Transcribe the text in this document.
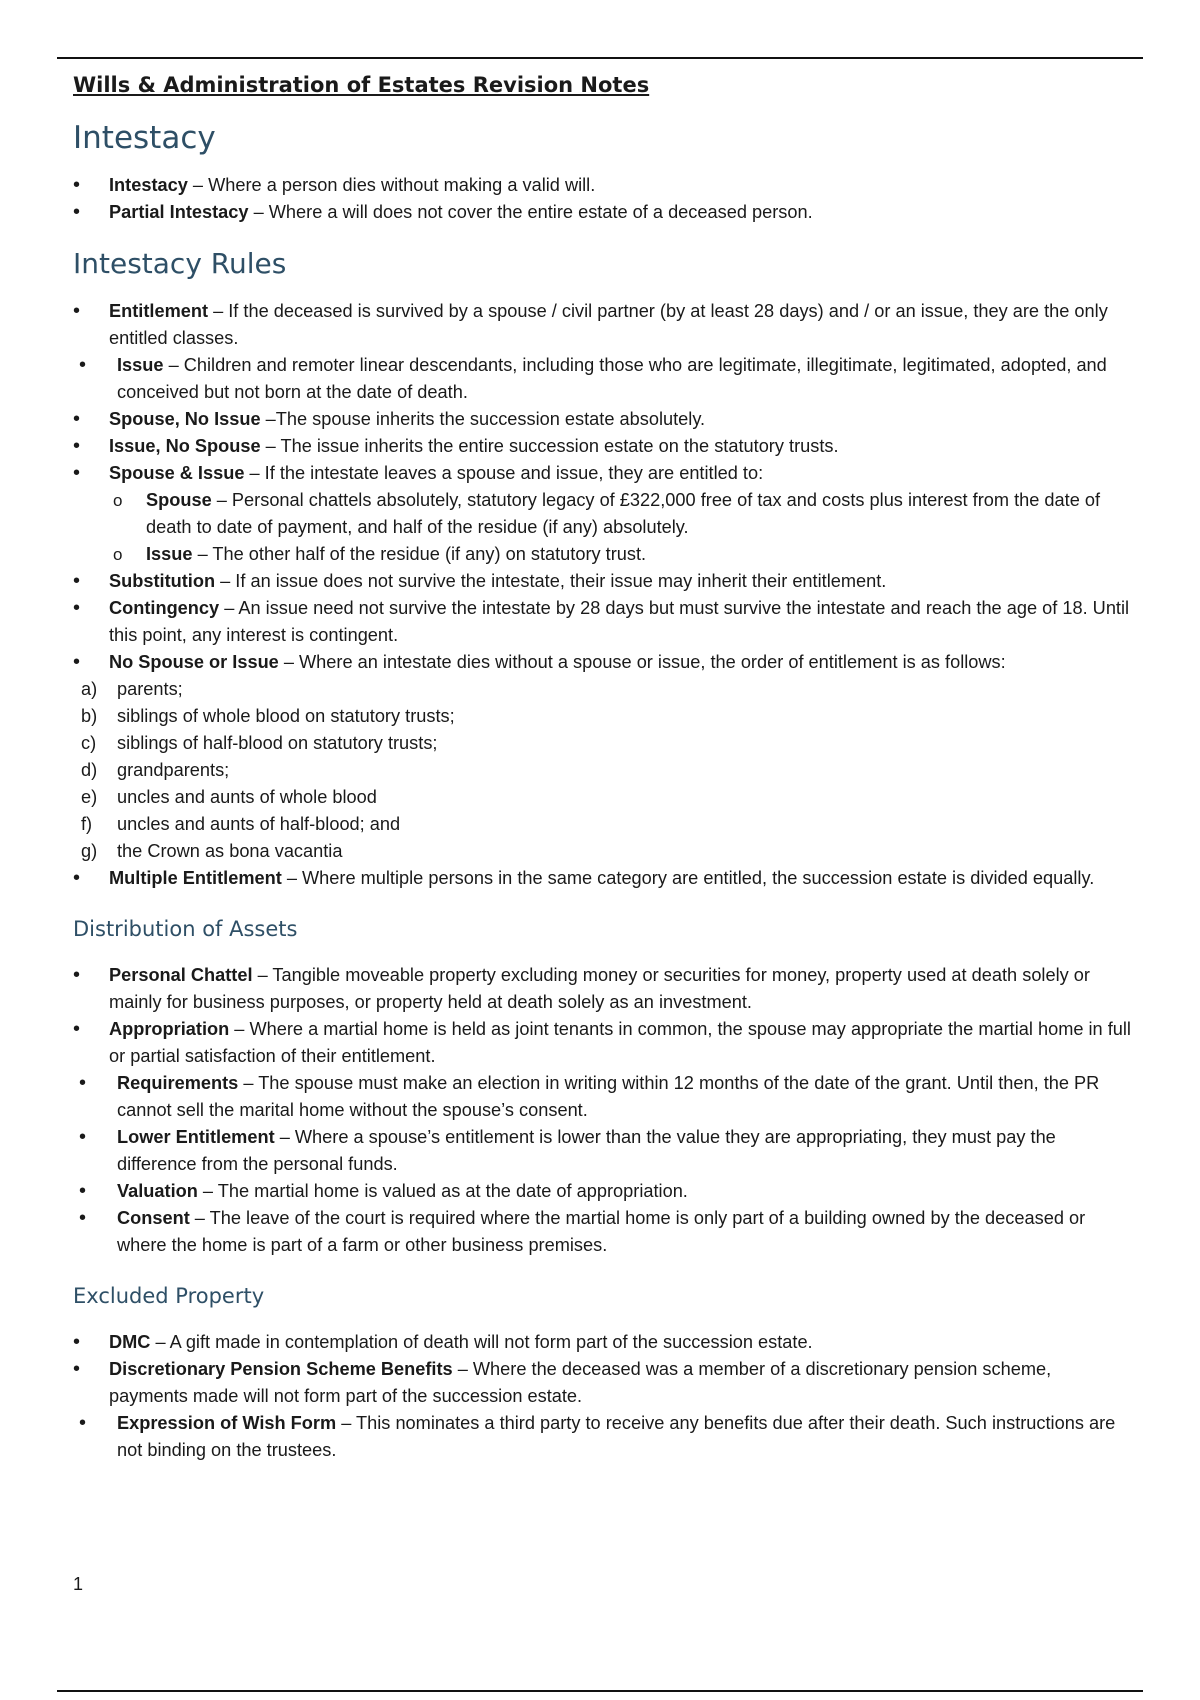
Wills & Administration of Estates Revision Notes

Intestacy
• Intestacy – Where a person dies without making a valid will.
• Partial Intestacy – Where a will does not cover the entire estate of a deceased person.
Intestacy Rules
• Entitlement – If the deceased is survived by a spouse / civil partner (by at least 28 days) and / or an issue, they are the only entitled classes.
• Issue – Children and remoter linear descendants, including those who are legitimate, illegitimate, legitimated, adopted, and conceived but not born at the date of death.
• Spouse, No Issue –The spouse inherits the succession estate absolutely.
• Issue, No Spouse – The issue inherits the entire succession estate on the statutory trusts.
• Spouse & Issue – If the intestate leaves a spouse and issue, they are entitled to:
o Spouse – Personal chattels absolutely, statutory legacy of £322,000 free of tax and costs plus interest from the date of death to date of payment, and half of the residue (if any) absolutely.
o Issue – The other half of the residue (if any) on statutory trust.
• Substitution – If an issue does not survive the intestate, their issue may inherit their entitlement.
• Contingency – An issue need not survive the intestate by 28 days but must survive the intestate and reach the age of 18. Until this point, any interest is contingent.
• No Spouse or Issue – Where an intestate dies without a spouse or issue, the order of entitlement is as follows:
a) parents;
b) siblings of whole blood on statutory trusts;
c) siblings of half-blood on statutory trusts;
d) grandparents;
e) uncles and aunts of whole blood
f) uncles and aunts of half-blood; and
g) the Crown as bona vacantia
• Multiple Entitlement – Where multiple persons in the same category are entitled, the succession estate is divided equally.
Distribution of Assets
• Personal Chattel – Tangible moveable property excluding money or securities for money, property used at death solely or mainly for business purposes, or property held at death solely as an investment.
• Appropriation – Where a martial home is held as joint tenants in common, the spouse may appropriate the martial home in full or partial satisfaction of their entitlement.
• Requirements – The spouse must make an election in writing within 12 months of the date of the grant. Until then, the PR cannot sell the marital home without the spouse’s consent.
• Lower Entitlement – Where a spouse’s entitlement is lower than the value they are appropriating, they must pay the difference from the personal funds.
• Valuation – The martial home is valued as at the date of appropriation.
• Consent – The leave of the court is required where the martial home is only part of a building owned by the deceased or where the home is part of a farm or other business premises.
Excluded Property
• DMC – A gift made in contemplation of death will not form part of the succession estate.
• Discretionary Pension Scheme Benefits – Where the deceased was a member of a discretionary pension scheme, payments made will not form part of the succession estate.
• Expression of Wish Form – This nominates a third party to receive any benefits due after their death. Such instructions are not binding on the trustees.
1
